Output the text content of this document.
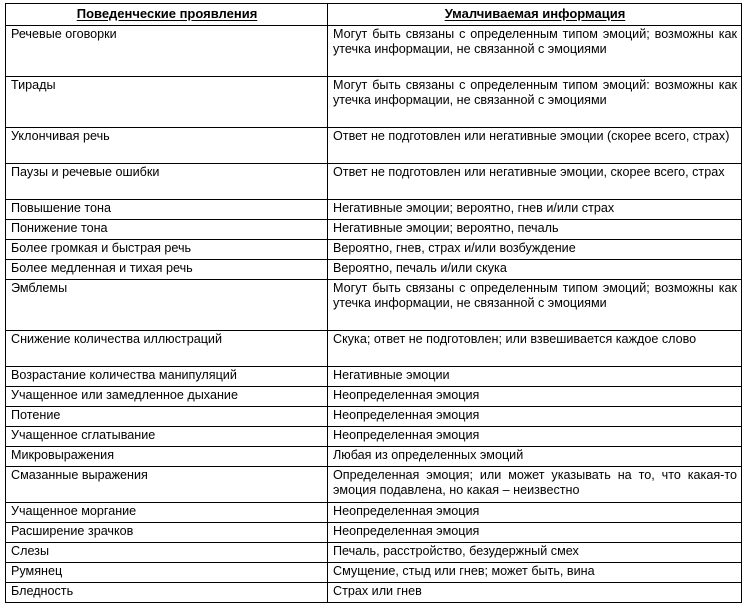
Поведенческие проявления	Умалчиваемая информация
Речевые оговорки	Могут быть связаны с определенным типом эмоций; возможны как утечка информации, не связанной с эмоциями
Тирады	Могут быть связаны с определенным типом эмоций: возможны как утечка информации, не связанной с эмоциями
Уклончивая речь	Ответ не подготовлен или негативные эмоции (скорее всего, страх)
Паузы и речевые ошибки	Ответ не подготовлен или негативные эмоции, скорее всего, страх
Повышение тона	Негативные эмоции; вероятно, гнев и/или страх
Понижение тона	Негативные эмоции; вероятно, печаль
Более громкая и быстрая речь	Вероятно, гнев, страх и/или возбуждение
Более медленная и тихая речь	Вероятно, печаль и/или скука
Эмблемы	Могут быть связаны с определенным типом эмоций; возможны как утечка информации, не связанной с эмоциями
Снижение количества иллюстраций	Скука; ответ не подготовлен; или взвешивается каждое слово
Возрастание количества манипуляций	Негативные эмоции
Учащенное или замедленное дыхание	Неопределенная эмоция
Потение	Неопределенная эмоция
Учащенное сглатывание	Неопределенная эмоция
Микровыражения	Любая из определенных эмоций
Смазанные выражения	Определенная эмоция; или может указывать на то, что какая-то эмоция подавлена, но какая – неизвестно
Учащенное моргание	Неопределенная эмоция
Расширение зрачков	Неопределенная эмоция
Слезы	Печаль, расстройство, безудержный смех
Румянец	Смущение, стыд или гнев; может быть, вина
Бледность	Страх или гнев
